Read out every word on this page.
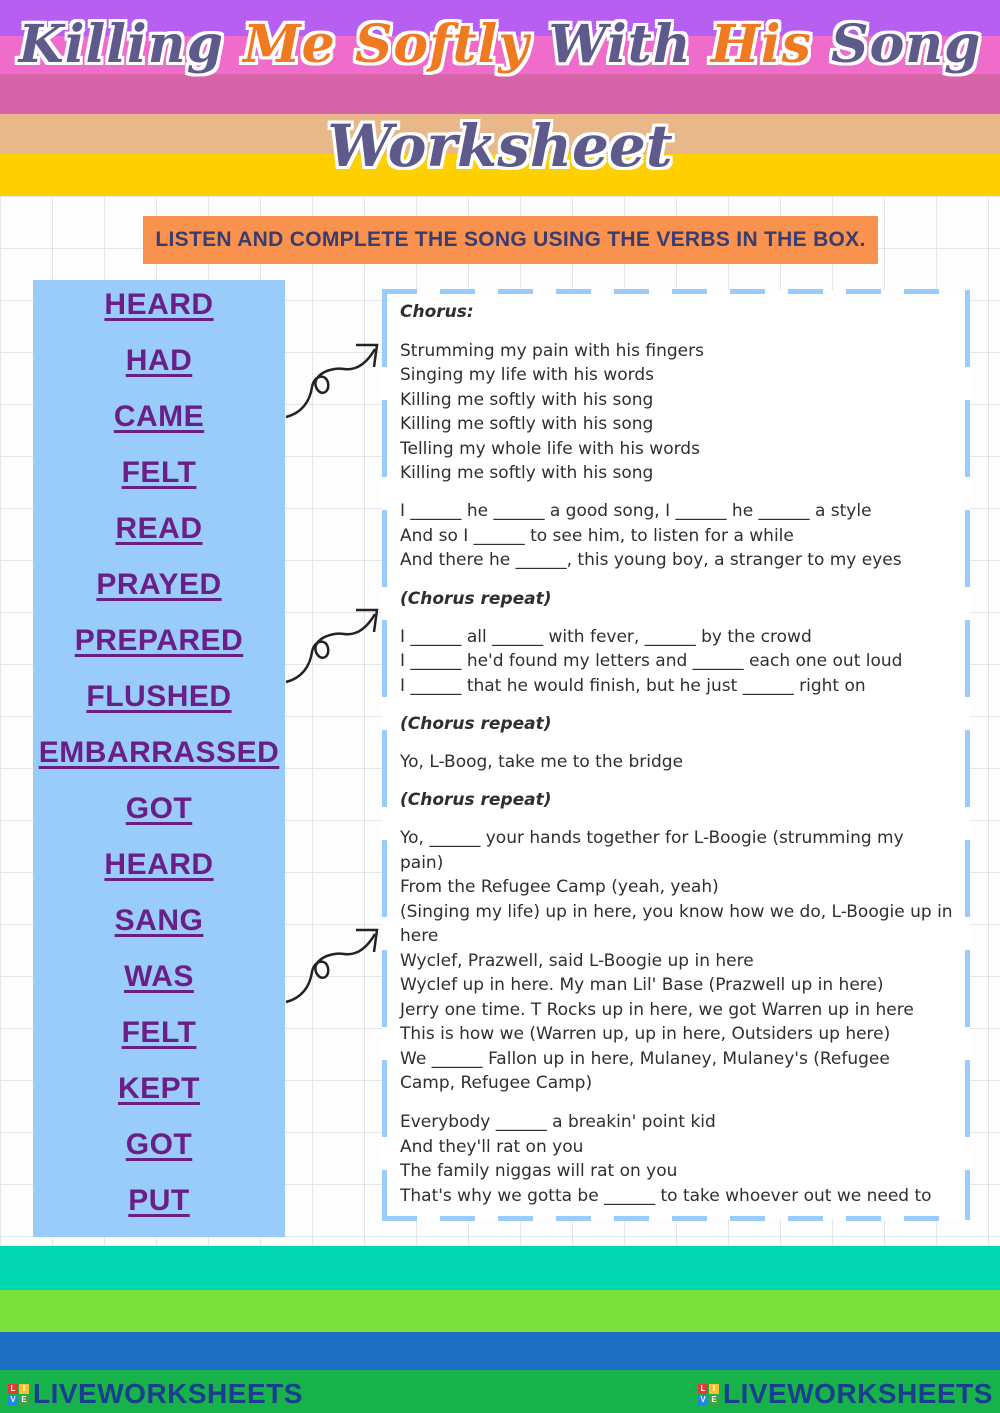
Killing Me Softly With His Song
Worksheet
LISTEN AND COMPLETE THE SONG USING THE VERBS IN THE BOX.
HEARD
HAD
CAME
FELT
READ
PRAYED
PREPARED
FLUSHED
EMBARRASSED
GOT
HEARD
SANG
WAS
FELT
KEPT
GOT
PUT
Chorus:
Strumming my pain with his fingers
Singing my life with his words
Killing me softly with his song
Killing me softly with his song
Telling my whole life with his words
Killing me softly with his song
I ______ he ______ a good song, I ______ he ______ a style
And so I ______ to see him, to listen for a while
And there he ______, this young boy, a stranger to my eyes
(Chorus repeat)
I ______ all ______ with fever, ______ by the crowd
I ______ he'd found my letters and ______ each one out loud
I ______ that he would finish, but he just ______ right on
(Chorus repeat)
Yo, L-Boog, take me to the bridge
(Chorus repeat)
Yo, ______ your hands together for L-Boogie (strumming my
pain)
From the Refugee Camp (yeah, yeah)
(Singing my life) up in here, you know how we do, L-Boogie up in
here
Wyclef, Prazwell, said L-Boogie up in here
Wyclef up in here. My man Lil' Base (Prazwell up in here)
Jerry one time. T Rocks up in here, we got Warren up in here
This is how we (Warren up, up in here, Outsiders up here)
We ______ Fallon up in here, Mulaney, Mulaney's (Refugee
Camp, Refugee Camp)
Everybody ______ a breakin' point kid
And they'll rat on you
The family niggas will rat on you
That's why we gotta be ______ to take whoever out we need to
L I
V E LIVEWORKSHEETS	L I
V E LIVEWORKSHEETS
